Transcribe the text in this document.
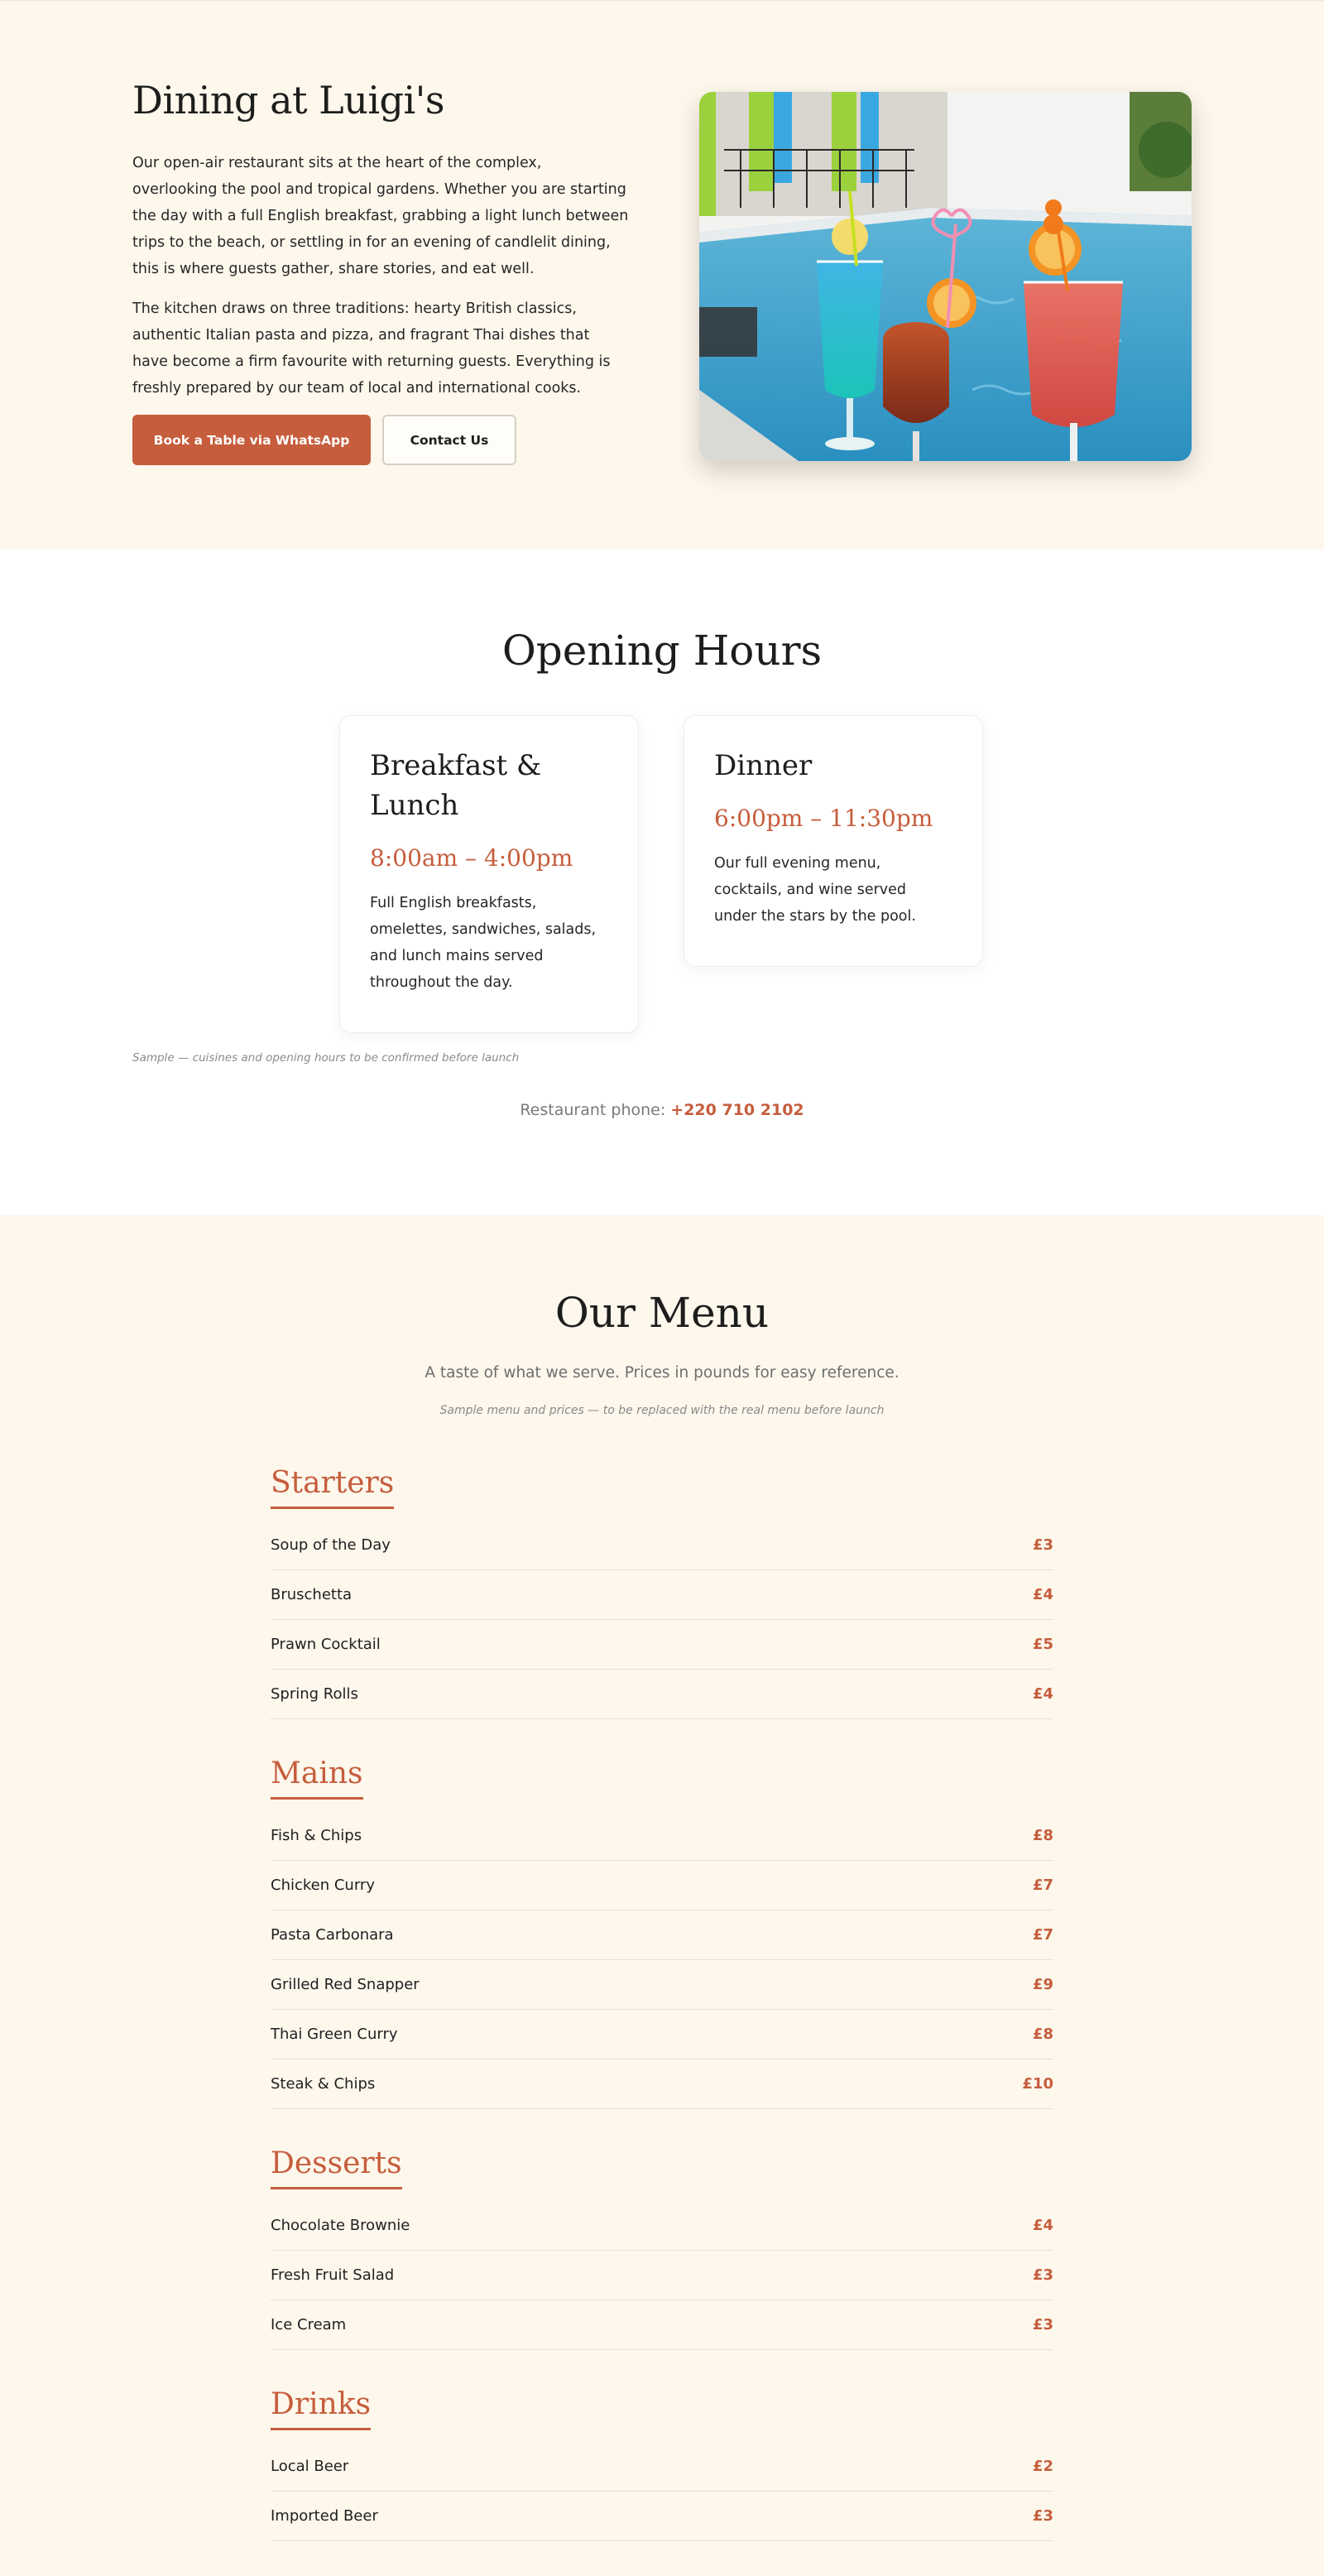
Dining at Luigi's

Our open-air restaurant sits at the heart of the complex, overlooking the pool and tropical gardens. Whether you are starting the day with a full English breakfast, grabbing a light lunch between trips to the beach, or settling in for an evening of candlelit dining, this is where guests gather, share stories, and eat well.

The kitchen draws on three traditions: hearty British classics, authentic Italian pasta and pizza, and fragrant Thai dishes that have become a firm favourite with returning guests. Everything is freshly prepared by our team of local and international cooks.

Book a Table via WhatsApp	Contact Us
Opening Hours
Breakfast & Lunch
8:00am – 4:00pm

Full English breakfasts, omelettes, sandwiches, salads, and lunch mains served throughout the day.

Dinner
6:00pm – 11:30pm

Our full evening menu, cocktails, and wine served under the stars by the pool.

Sample — cuisines and opening hours to be confirmed before launch

Restaurant phone: +220 710 2102

Our Menu

A taste of what we serve. Prices in pounds for easy reference.

Sample menu and prices — to be replaced with the real menu before launch

Starters
Soup of the Day	£3
Bruschetta	£4
Prawn Cocktail	£5
Spring Rolls	£4
Mains
Fish & Chips	£8
Chicken Curry	£7
Pasta Carbonara	£7
Grilled Red Snapper	£9
Thai Green Curry	£8
Steak & Chips	£10
Desserts
Chocolate Brownie	£4
Fresh Fruit Salad	£3
Ice Cream	£3
Drinks
Local Beer	£2
Imported Beer	£3
